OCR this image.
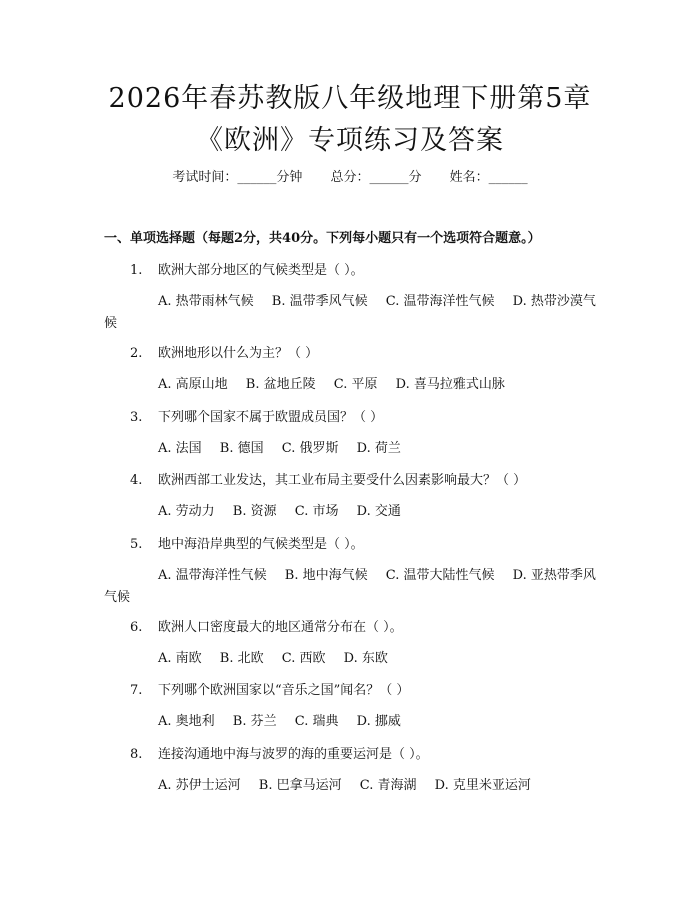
2026年春苏教版八年级地理下册第5章《欧洲》专项练习及答案
考试时间：______分钟 总分：______分 姓名：______
一、单项选择题（每题2分，共40分。下列每小题只有一个选项符合题意。）
1. 欧洲大部分地区的气候类型是（ ）。
A. 热带雨林气候 B. 温带季风气候 C. 温带海洋性气候 D. 热带沙漠气候
2. 欧洲地形以什么为主？（ ）
A. 高原山地 B. 盆地丘陵 C. 平原 D. 喜马拉雅式山脉
3. 下列哪个国家不属于欧盟成员国？（ ）
A. 法国 B. 德国 C. 俄罗斯 D. 荷兰
4. 欧洲西部工业发达，其工业布局主要受什么因素影响最大？（ ）
A. 劳动力 B. 资源 C. 市场 D. 交通
5. 地中海沿岸典型的气候类型是（ ）。
A. 温带海洋性气候 B. 地中海气候 C. 温带大陆性气候 D. 亚热带季风气候
6. 欧洲人口密度最大的地区通常分布在（ ）。
A. 南欧 B. 北欧 C. 西欧 D. 东欧
7. 下列哪个欧洲国家以“音乐之国”闻名？（ ）
A. 奥地利 B. 芬兰 C. 瑞典 D. 挪威
8. 连接沟通地中海与波罗的海的重要运河是（ ）。
A. 苏伊士运河 B. 巴拿马运河 C. 青海湖 D. 克里米亚运河
